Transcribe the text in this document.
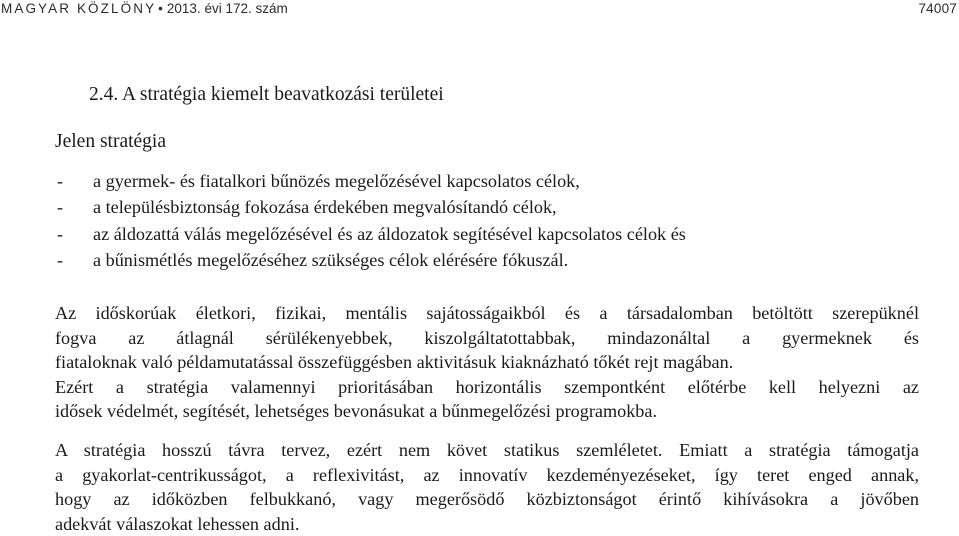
MAGYAR KÖZLÖNY • 2013. évi 172. szám	74007
2.4. A stratégia kiemelt beavatkozási területei

Jelen stratégia

- a gyermek- és fiatalkori bűnözés megelőzésével kapcsolatos célok,
- a településbiztonság fokozása érdekében megvalósítandó célok,
- az áldozattá válás megelőzésével és az áldozatok segítésével kapcsolatos célok és
- a bűnismétlés megelőzéséhez szükséges célok elérésére fókuszál.
Az időskorúak életkori, fizikai, mentális sajátosságaikból és a társadalomban betöltött szerepüknél
fogva az átlagnál sérülékenyebbek, kiszolgáltatottabbak, mindazonáltal a gyermeknek és
fiataloknak való példamutatással összefüggésben aktivitásuk kiaknázható tőkét rejt magában.
Ezért a stratégia valamennyi prioritásában horizontális szempontként előtérbe kell helyezni az
idősek védelmét, segítését, lehetséges bevonásukat a bűnmegelőzési programokba.
A stratégia hosszú távra tervez, ezért nem követ statikus szemléletet. Emiatt a stratégia támogatja
a gyakorlat-centrikusságot, a reflexivitást, az innovatív kezdeményezéseket, így teret enged annak,
hogy az időközben felbukkanó, vagy megerősödő közbiztonságot érintő kihívásokra a jövőben
adekvát válaszokat lehessen adni.
